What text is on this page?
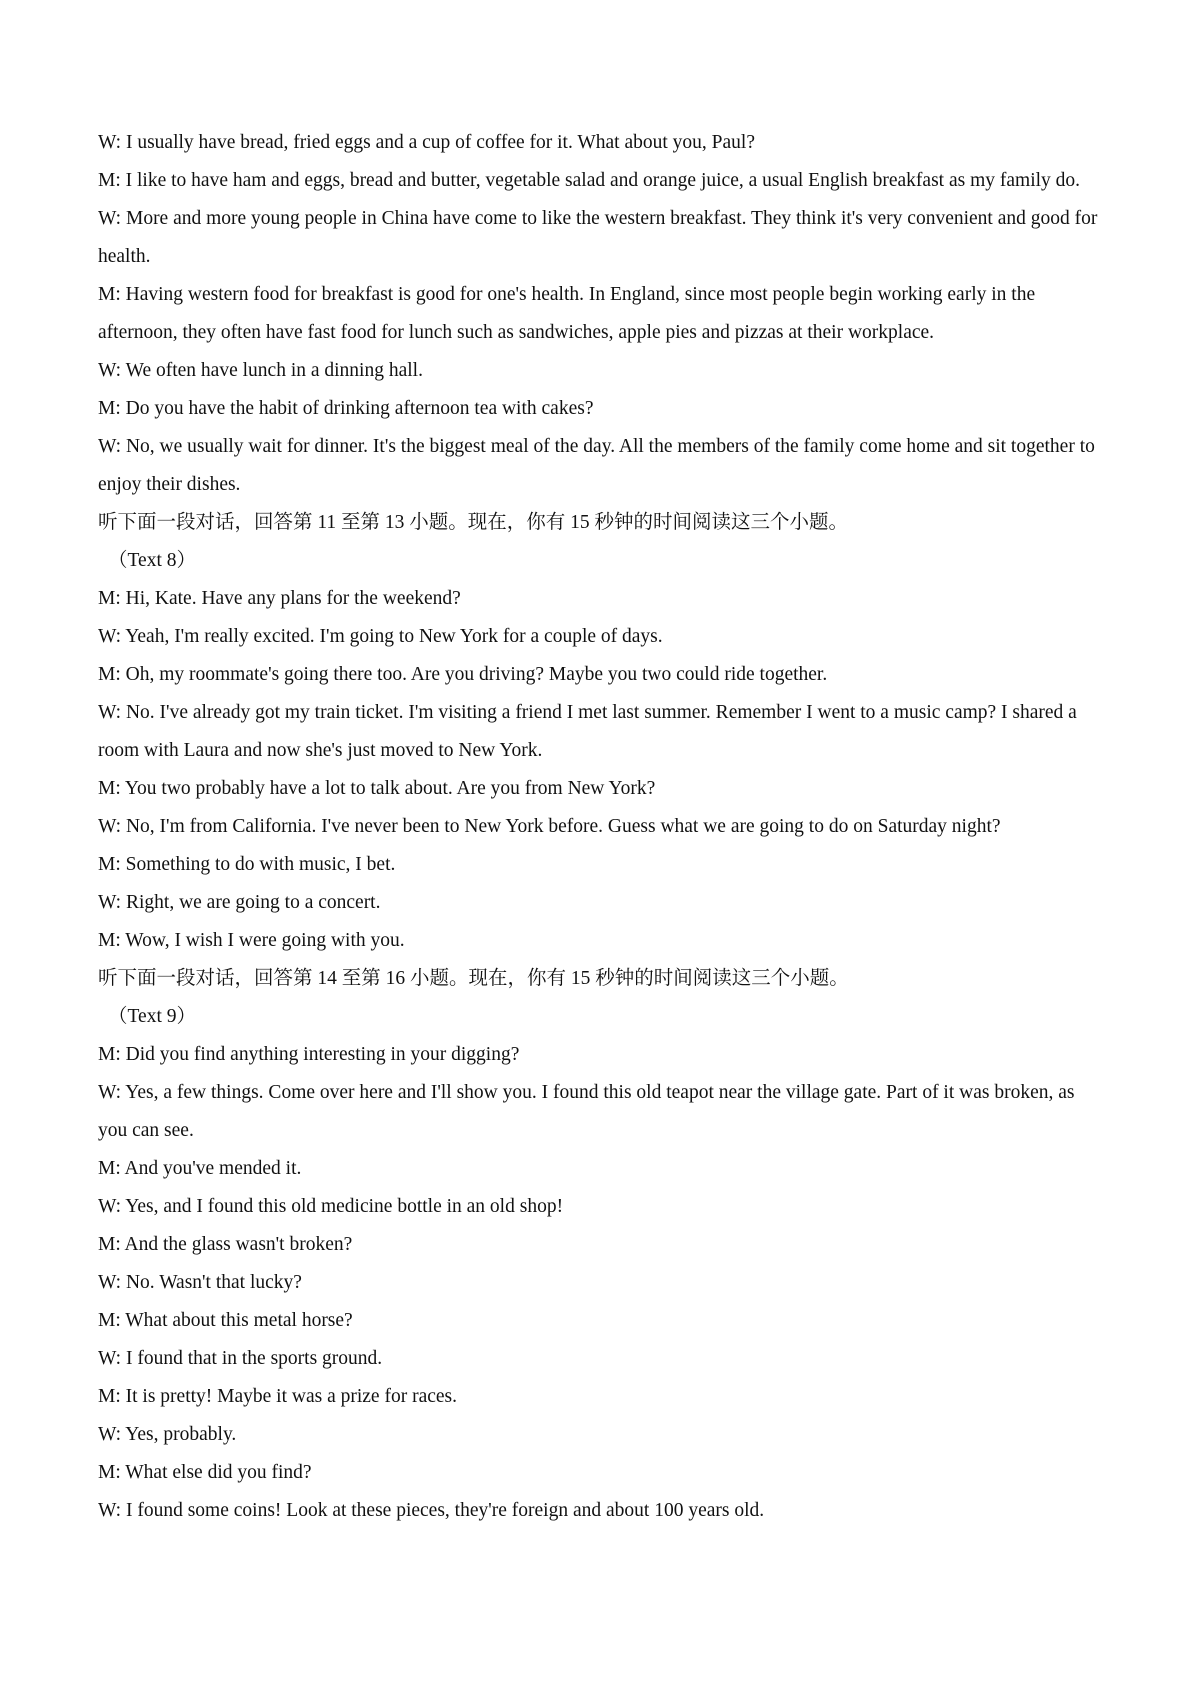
W: I usually have bread, fried eggs and a cup of coffee for it. What about you, Paul?

M: I like to have ham and eggs, bread and butter, vegetable salad and orange juice, a usual English breakfast as my family do.

W: More and more young people in China have come to like the western breakfast. They think it's very convenient and good for health.

M: Having western food for breakfast is good for one's health. In England, since most people begin working early in the afternoon, they often have fast food for lunch such as sandwiches, apple pies and pizzas at their workplace.

W: We often have lunch in a dinning hall.

M: Do you have the habit of drinking afternoon tea with cakes?

W: No, we usually wait for dinner. It's the biggest meal of the day. All the members of the family come home and sit together to enjoy their dishes.

听下面一段对话，回答第 11 至第 13 小题。现在，你有 15 秒钟的时间阅读这三个小题。

（Text 8）

M: Hi, Kate. Have any plans for the weekend?

W: Yeah, I'm really excited. I'm going to New York for a couple of days.

M: Oh, my roommate's going there too. Are you driving? Maybe you two could ride together.

W: No. I've already got my train ticket. I'm visiting a friend I met last summer. Remember I went to a music camp? I shared a room with Laura and now she's just moved to New York.

M: You two probably have a lot to talk about. Are you from New York?

W: No, I'm from California. I've never been to New York before. Guess what we are going to do on Saturday night?

M: Something to do with music, I bet.

W: Right, we are going to a concert.

M: Wow, I wish I were going with you.

听下面一段对话，回答第 14 至第 16 小题。现在，你有 15 秒钟的时间阅读这三个小题。

（Text 9）

M: Did you find anything interesting in your digging?

W: Yes, a few things. Come over here and I'll show you. I found this old teapot near the village gate. Part of it was broken, as you can see.

M: And you've mended it.

W: Yes, and I found this old medicine bottle in an old shop!

M: And the glass wasn't broken?

W: No. Wasn't that lucky?

M: What about this metal horse?

W: I found that in the sports ground.

M: It is pretty! Maybe it was a prize for races.

W: Yes, probably.

M: What else did you find?

W: I found some coins! Look at these pieces, they're foreign and about 100 years old.
